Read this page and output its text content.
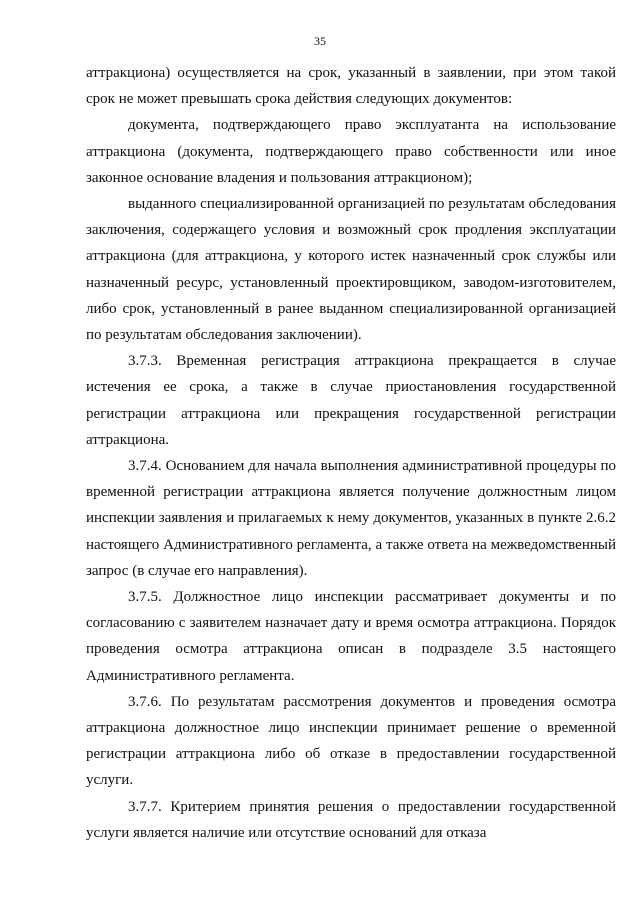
35

аттракциона) осуществляется на срок, указанный в заявлении, при этом такой срок не может превышать срока действия следующих документов:

документа, подтверждающего право эксплуатанта на использование аттракциона (документа, подтверждающего право собственности или иное законное основание владения и пользования аттракционом);

выданного специализированной организацией по результатам обследования заключения, содержащего условия и возможный срок продления эксплуатации аттракциона (для аттракциона, у которого истек назначенный срок службы или назначенный ресурс, установленный проектировщиком, заводом-изготовителем, либо срок, установленный в ранее выданном специализированной организацией по результатам обследования заключении).

3.7.3. Временная регистрация аттракциона прекращается в случае истечения ее срока, а также в случае приостановления государственной регистрации аттракциона или прекращения государственной регистрации аттракциона.

3.7.4. Основанием для начала выполнения административной процедуры по временной регистрации аттракциона является получение должностным лицом инспекции заявления и прилагаемых к нему документов, указанных в пункте 2.6.2 настоящего Административного регламента, а также ответа на межведомственный запрос (в случае его направления).

3.7.5. Должностное лицо инспекции рассматривает документы и по согласованию с заявителем назначает дату и время осмотра аттракциона. Порядок проведения осмотра аттракциона описан в подразделе 3.5 настоящего Административного регламента.

3.7.6. По результатам рассмотрения документов и проведения осмотра аттракциона должностное лицо инспекции принимает решение о временной регистрации аттракциона либо об отказе в предоставлении государственной услуги.

3.7.7. Критерием принятия решения о предоставлении государственной услуги является наличие или отсутствие оснований для отказа
